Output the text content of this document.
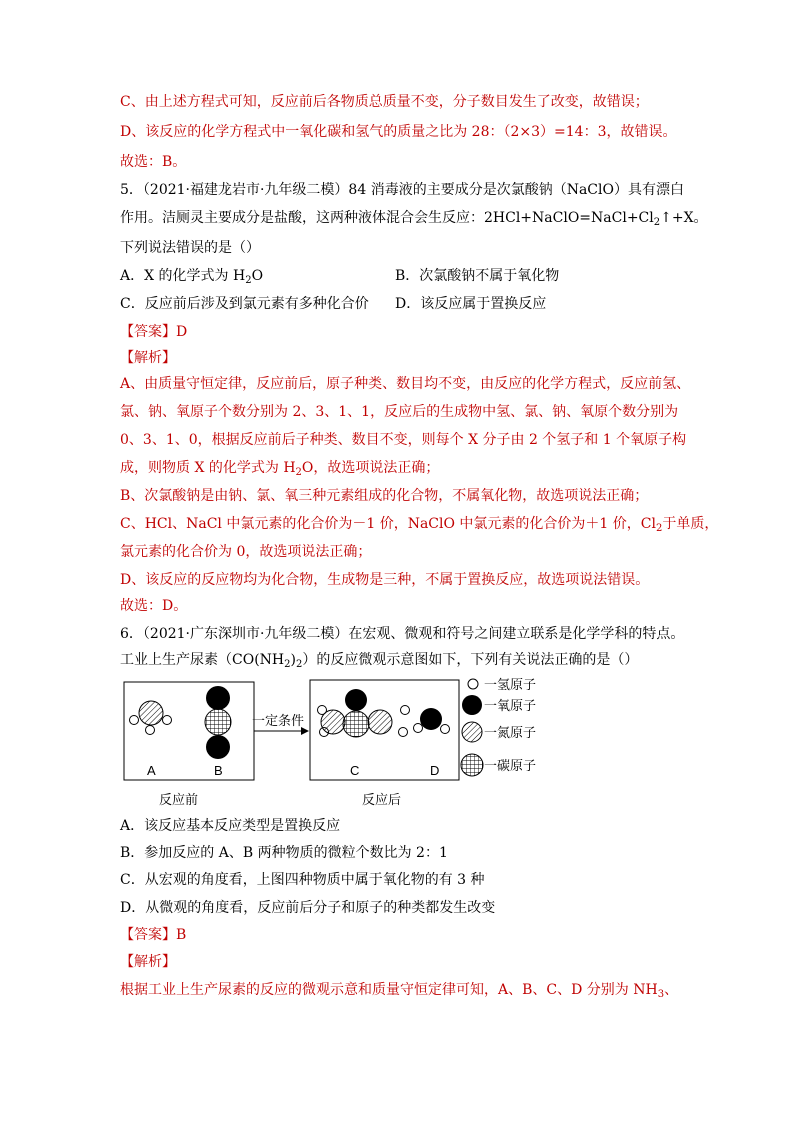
C、由上述方程式可知，反应前后各物质总质量不变，分子数目发生了改变，故错误；
D、该反应的化学方程式中一氧化碳和氢气的质量之比为 28：（2×3）=14：3，故错误。
故选：B。
5．（2021·福建龙岩市·九年级二模）84 消毒液的主要成分是次氯酸钠（NaClO）具有漂白
作用。洁厕灵主要成分是盐酸，这两种液体混合会生反应：$2HCl+NaClO=NaCl+Cl_2↑+X$。
下列说法错误的是（）
A．X 的化学式为 $H_2O$	B．次氯酸钠不属于氧化物
C．反应前后涉及到氯元素有多种化合价 D．该反应属于置换反应
【答案】D
【解析】
A、由质量守恒定律，反应前后，原子种类、数目均不变，由反应的化学方程式，反应前氢、
氯、钠、氧原子个数分别为 2、3、1、1，反应后的生成物中氢、氯、钠、氧原个数分别为
0、3、1、0，根据反应前后子种类、数目不变，则每个 X 分子由 2 个氢子和 1 个氧原子构
成，则物质 X 的化学式为 $H_2O$，故选项说法正确；
B、次氯酸钠是由钠、氯、氧三种元素组成的化合物，不属氧化物，故选项说法正确；
C、HCl、NaCl 中氯元素的化合价为－1 价，NaClO 中氯元素的化合价为＋1 价，$Cl_2$于单质，
氯元素的化合价为 0，故选项说法正确；
D、该反应的反应物均为化合物，生成物是三种，不属于置换反应，故选项说法错误。
故选：D。
6．（2021·广东深圳市·九年级二模）在宏观、微观和符号之间建立联系是化学学科的特点。
工业上生产尿素$(CO(NH_2)_2)$的反应微观示意图如下，下列有关说法正确的是（）
A	B
一定条件
C	D
一氢原子
一氧原子
一氮原子
一碳原子
反应前	反应后
A．该反应基本反应类型是置换反应
B．参加反应的 A、B 两种物质的微粒个数比为 2：1
C．从宏观的角度看，上图四种物质中属于氧化物的有 3 种
D．从微观的角度看，反应前后分子和原子的种类都发生改变
【答案】B
【解析】
根据工业上生产尿素的反应的微观示意和质量守恒定律可知，A、B、C、D 分别为 $NH_3$、
